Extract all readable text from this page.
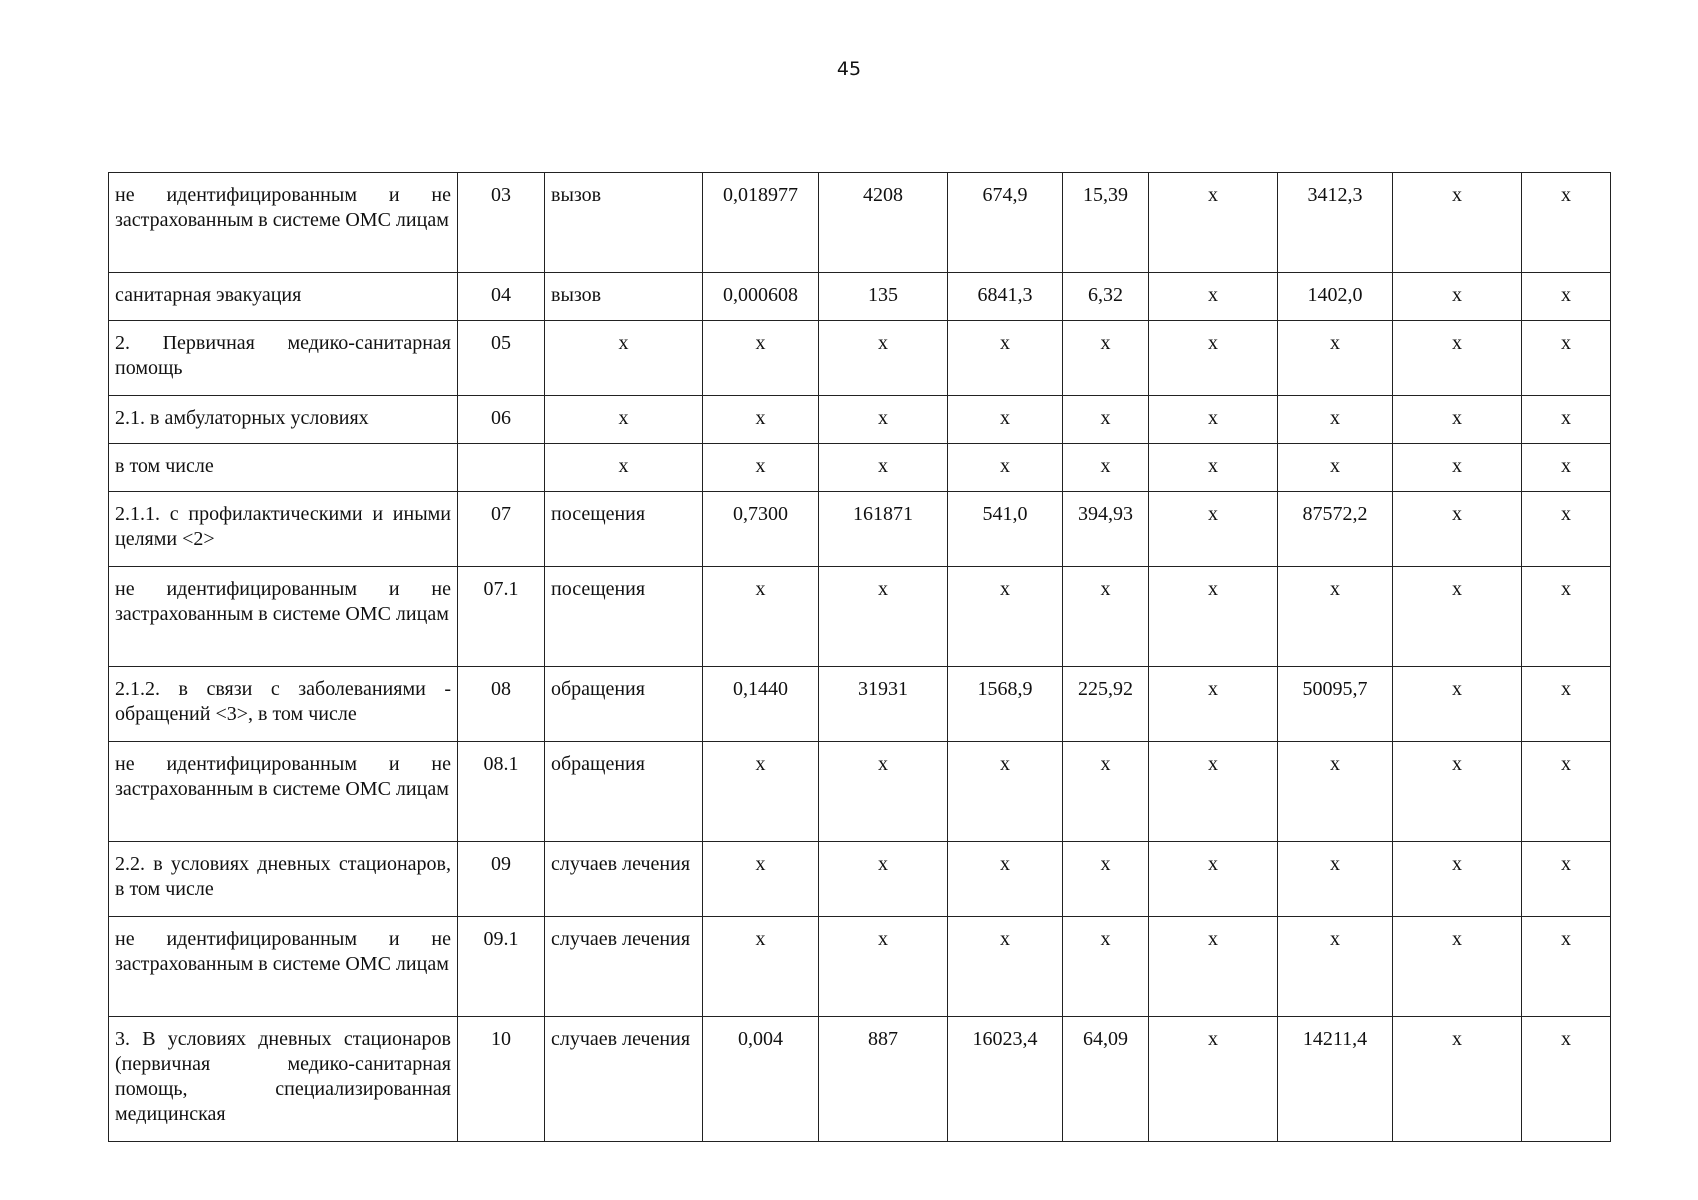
45
не идентифицированным и не застрахованным в системе ОМС лицам	03	вызов	0,018977	4208	674,9	15,39	х	3412,3	х	х
санитарная эвакуация	04	вызов	0,000608	135	6841,3	6,32	х	1402,0	х	х
2. Первичная медико-санитарная помощь	05	х	х	х	х	х	х	х	х	х
2.1. в амбулаторных условиях	06	х	х	х	х	х	х	х	х	х
в том числе		х	х	х	х	х	х	х	х	х
2.1.1. с профилактическими и иными целями <2>	07	посещения	0,7300	161871	541,0	394,93	х	87572,2	х	х
не идентифицированным и не застрахованным в системе ОМС лицам	07.1	посещения	х	х	х	х	х	х	х	х
2.1.2. в связи с заболеваниями - обращений <3>, в том числе	08	обращения	0,1440	31931	1568,9	225,92	х	50095,7	х	х
не идентифицированным и не застрахованным в системе ОМС лицам	08.1	обращения	х	х	х	х	х	х	х	х
2.2. в условиях дневных стационаров, в том числе	09	случаев лечения	х	х	х	х	х	х	х	х
не идентифицированным и не застрахованным в системе ОМС лицам	09.1	случаев лечения	х	х	х	х	х	х	х	х
3. В условиях дневных стационаров (первичная медико-санитарная помощь, специализированная медицинская	10	случаев лечения	0,004	887	16023,4	64,09	х	14211,4	х	х
